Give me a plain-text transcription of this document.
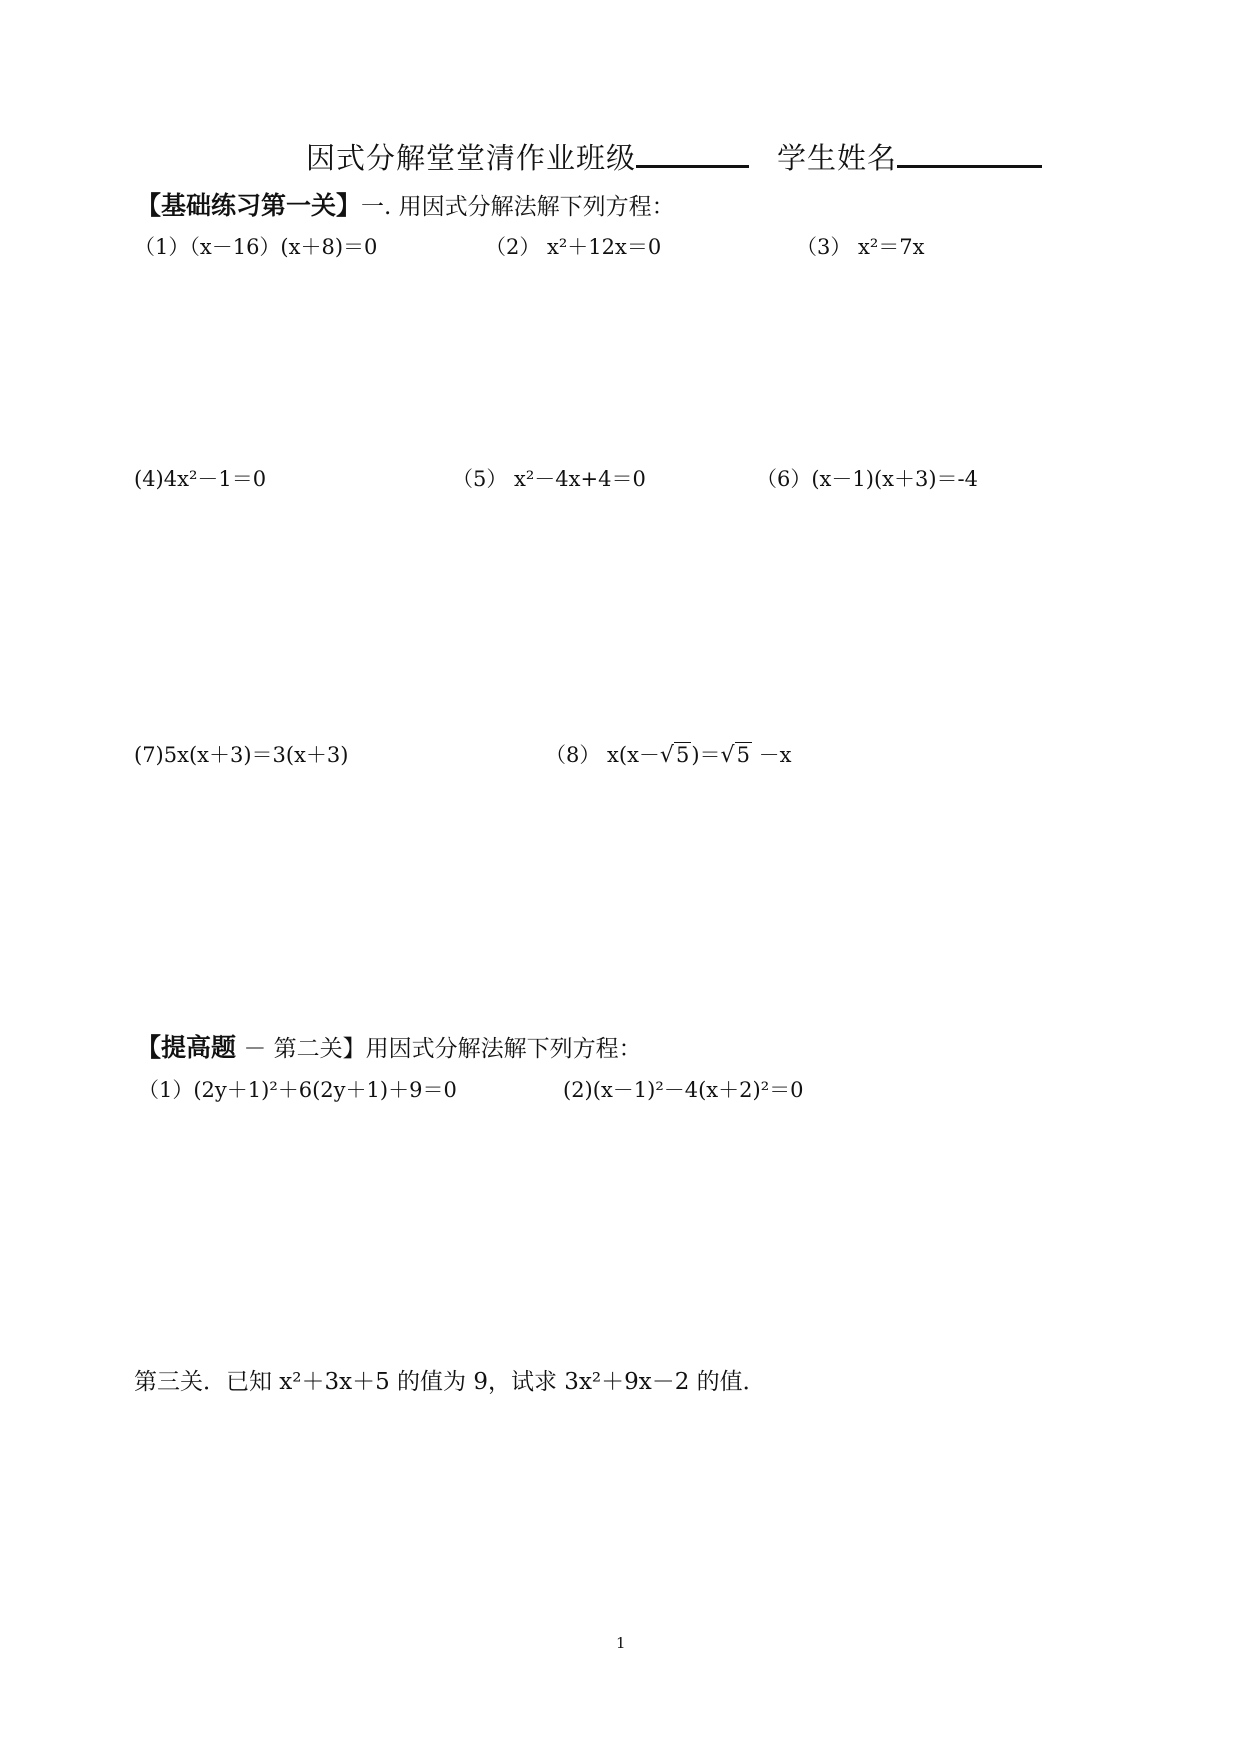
因式分解堂堂清作业班级	学生姓名
【基础练习第一关】一. 用因式分解法解下列方程：
（1）（x－16）(x＋8)＝0	（2） x²＋12x＝0	（3） x²＝7x
(4)4x²－1＝0	（5） x²－4x+4＝0	（6）(x－1)(x＋3)＝-4
(7)5x(x＋3)＝3(x＋3)	（8） x(x－√5)＝√5 －x
【提高题 － 第二关】用因式分解法解下列方程：
（1）(2y＋1)²＋6(2y＋1)＋9＝0	(2)(x－1)²－4(x＋2)²＝0
第三关．已知 x²＋3x＋5 的值为 9，试求 3x²＋9x－2 的值．
1
